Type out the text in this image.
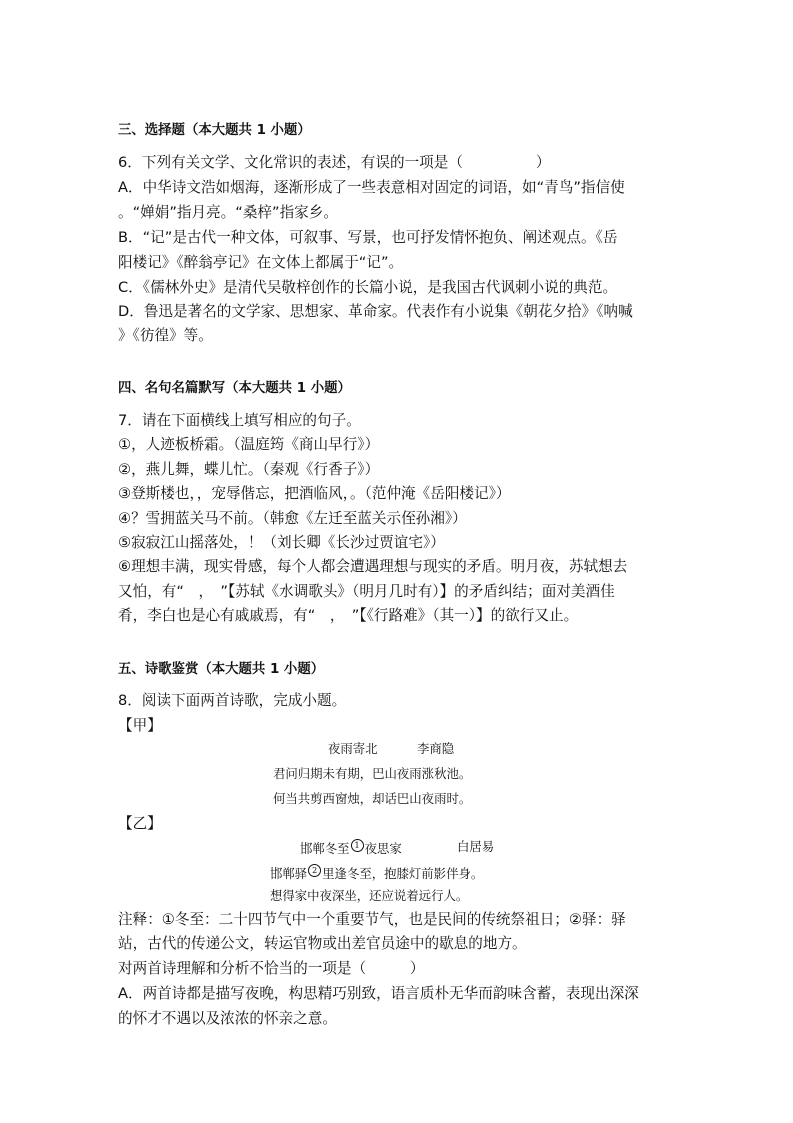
三、选择题（本大题共 1 小题）
6．下列有关文学、文化常识的表述，有误的一项是（　　　　　）
A．中华诗文浩如烟海，逐渐形成了一些表意相对固定的词语，如“青鸟”指信使
。“婵娟”指月亮。“桑梓”指家乡。
B．“记”是古代一种文体，可叙事、写景，也可抒发情怀抱负、阐述观点。《岳
阳楼记》《醉翁亭记》在文体上都属于“记”。
C．《儒林外史》是清代吴敬梓创作的长篇小说，是我国古代讽刺小说的典范。
D．鲁迅是著名的文学家、思想家、革命家。代表作有小说集《朝花夕拾》《呐喊
》《彷徨》等。
四、名句名篇默写（本大题共 1 小题）
7．请在下面横线上填写相应的句子。
①，人迹板桥霜。（温庭筠《商山早行》）
②，燕儿舞，蝶儿忙。（秦观《行香子》）
③登斯楼也，，宠辱偕忘，把酒临风，。（范仲淹《岳阳楼记》）
④？雪拥蓝关马不前。（韩愈《左迁至蓝关示侄孙湘》）
⑤寂寂江山摇落处，！（刘长卿《长沙过贾谊宅》）
⑥理想丰满，现实骨感，每个人都会遭遇理想与现实的矛盾。明月夜，苏轼想去
又怕，有“　，　”【苏轼《水调歌头》（明月几时有）】的矛盾纠结；面对美酒佳
肴，李白也是心有戚戚焉，有“　，　”【《行路难》（其一）】的欲行又止。
五、诗歌鉴赏（本大题共 1 小题）
8．阅读下面两首诗歌，完成小题。
【甲】
夜雨寄北	李商隐
君问归期未有期，巴山夜雨涨秋池。
何当共剪西窗烛，却话巴山夜雨时。
【乙】
邯郸冬至 1 夜思家	白居易
邯郸驿 2 里逢冬至，抱膝灯前影伴身。
想得家中夜深坐，还应说着远行人。
注释：①冬至：二十四节气中一个重要节气，也是民间的传统祭祖日；②驿：驿
站，古代的传递公文，转运官物或出差官员途中的歇息的地方。
对两首诗理解和分析不恰当的一项是（　　　）
A．两首诗都是描写夜晚，构思精巧别致，语言质朴无华而韵味含蓄，表现出深深
的怀才不遇以及浓浓的怀亲之意。
